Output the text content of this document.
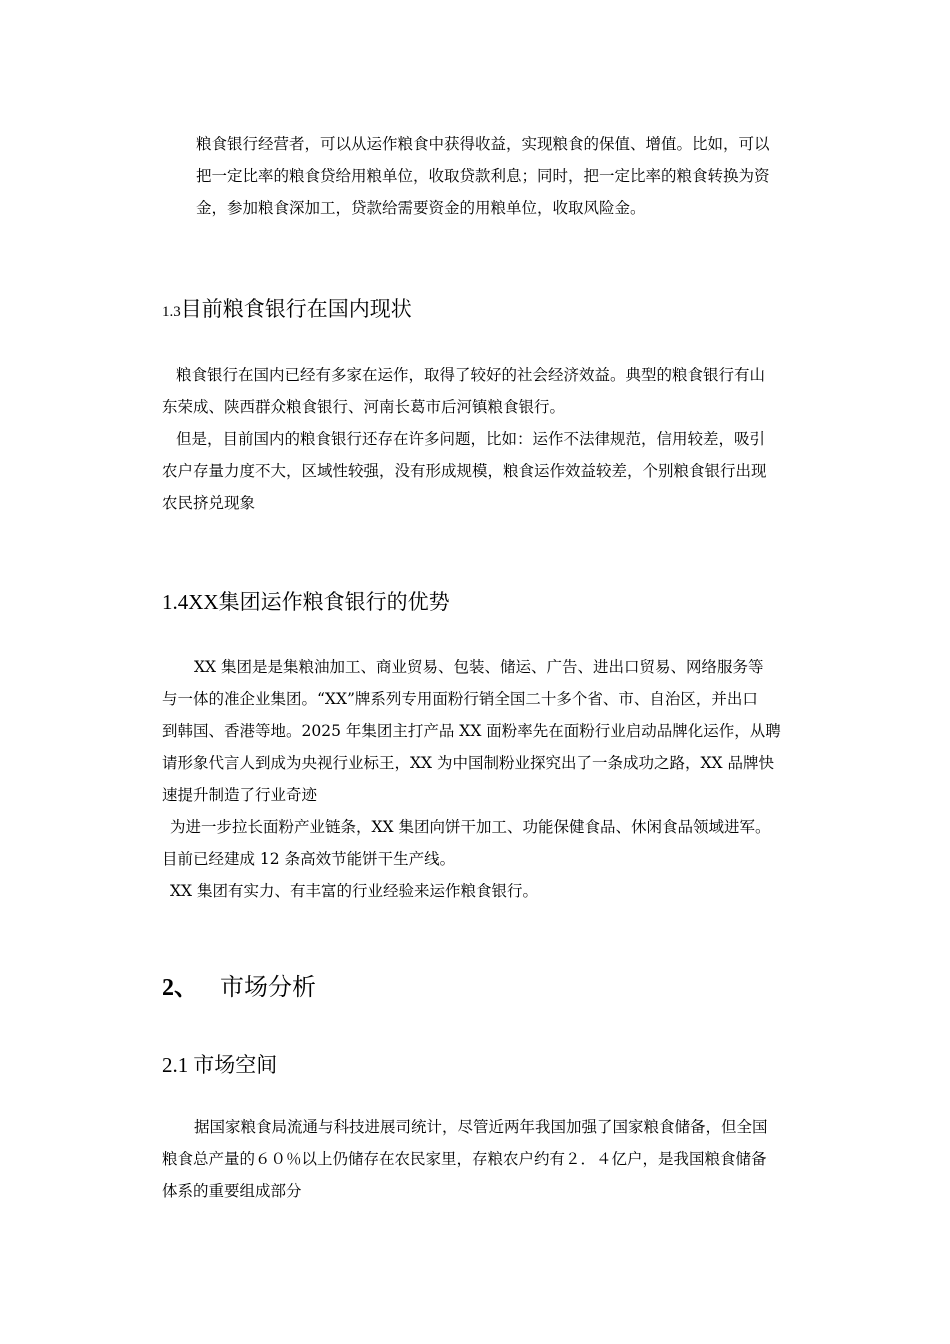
粮食银行经营者，可以从运作粮食中获得收益，实现粮食的保值、增值。比如，可以

把一定比率的粮食贷给用粮单位，收取贷款利息；同时，把一定比率的粮食转换为资

金，参加粮食深加工，贷款给需要资金的用粮单位，收取风险金。

1.3目前粮食银行在国内现状

粮食银行在国内已经有多家在运作，取得了较好的社会经济效益。典型的粮食银行有山

东荣成、陕西群众粮食银行、河南长葛市后河镇粮食银行。

但是，目前国内的粮食银行还存在许多问题，比如：运作不法律规范，信用较差，吸引

农户存量力度不大，区域性较强，没有形成规模，粮食运作效益较差，个别粮食银行出现

农民挤兑现象

1.4XX集团运作粮食银行的优势

XX 集团是是集粮油加工、商业贸易、包装、储运、广告、进出口贸易、网络服务等

与一体的准企业集团。“XX”牌系列专用面粉行销全国二十多个省、市、自治区，并出口

到韩国、香港等地。2025 年集团主打产品 XX 面粉率先在面粉行业启动品牌化运作，从聘

请形象代言人到成为央视行业标王，XX 为中国制粉业探究出了一条成功之路，XX 品牌快

速提升制造了行业奇迹

为进一步拉长面粉产业链条，XX 集团向饼干加工、功能保健食品、休闲食品领域进军。

目前已经建成 12 条高效节能饼干生产线。

XX 集团有实力、有丰富的行业经验来运作粮食银行。

2、 市场分析
2.1 市场空间

据国家粮食局流通与科技进展司统计，尽管近两年我国加强了国家粮食储备，但全国

粮食总产量的６０％以上仍储存在农民家里，存粮农户约有２．４亿户，是我国粮食储备

体系的重要组成部分
